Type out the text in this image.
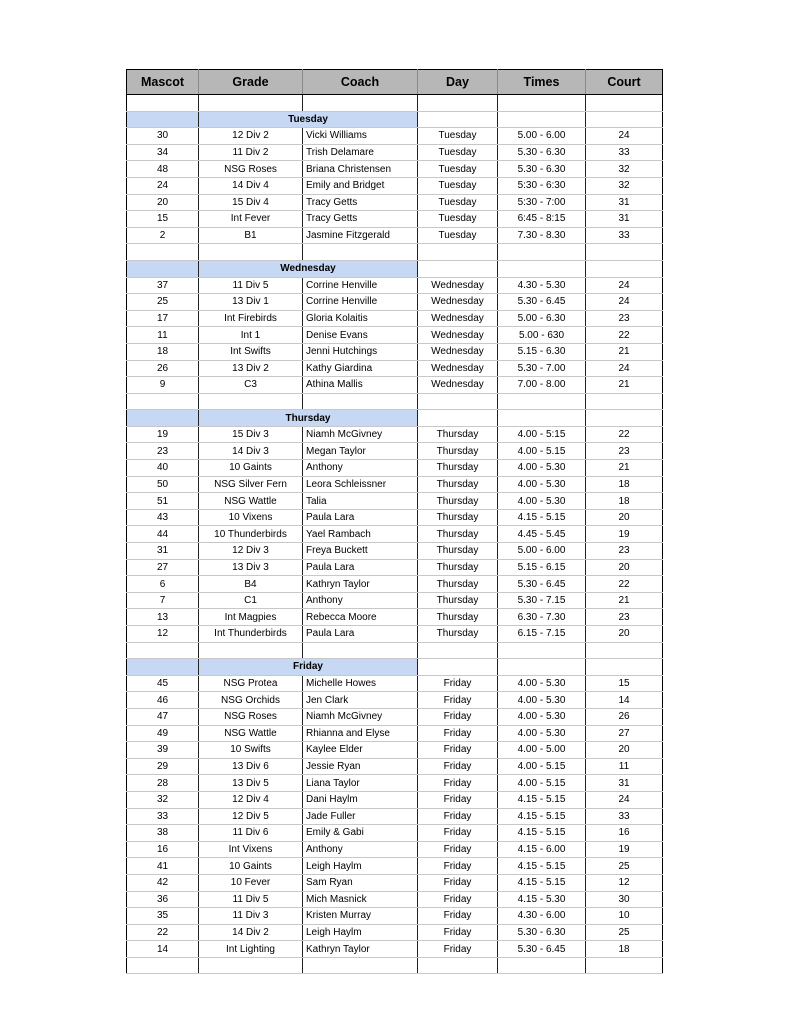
Mascot	Grade	Coach	Day	Times	Court

	Tuesday				
30	12 Div 2	Vicki Williams	Tuesday	5.00 - 6.00	24
34	11 Div 2	Trish Delamare	Tuesday	5.30 - 6.30	33
48	NSG Roses	Briana Christensen	Tuesday	5.30 - 6.30	32
24	14 Div 4	Emily and Bridget	Tuesday	5:30 - 6:30	32
20	15 Div 4	Tracy Getts	Tuesday	5:30 - 7:00	31
15	Int Fever	Tracy Getts	Tuesday	6:45 - 8:15	31
2	B1	Jasmine Fitzgerald	Tuesday	7.30 - 8.30	33

	Wednesday				
37	11 Div 5	Corrine Henville	Wednesday	4.30 - 5.30	24
25	13 Div 1	Corrine Henville	Wednesday	5.30 - 6.45	24
17	Int Firebirds	Gloria Kolaitis	Wednesday	5.00 - 6.30	23
11	Int 1	Denise Evans	Wednesday	5.00 - 630	22
18	Int Swifts	Jenni Hutchings	Wednesday	5.15 - 6.30	21
26	13 Div 2	Kathy Giardina	Wednesday	5.30 - 7.00	24
9	C3	Athina Mallis	Wednesday	7.00 - 8.00	21

	Thursday				
19	15 Div 3	Niamh McGivney	Thursday	4.00 - 5:15	22
23	14 Div 3	Megan Taylor	Thursday	4.00 - 5.15	23
40	10 Gaints	Anthony	Thursday	4.00 - 5.30	21
50	NSG Silver Fern	Leora Schleissner	Thursday	4.00 - 5.30	18
51	NSG Wattle	Talia	Thursday	4.00 - 5.30	18
43	10 Vixens	Paula Lara	Thursday	4.15 - 5.15	20
44	10 Thunderbirds	Yael Rambach	Thursday	4.45 - 5.45	19
31	12 Div 3	Freya Buckett	Thursday	5.00 - 6.00	23
27	13 Div 3	Paula Lara	Thursday	5.15 - 6.15	20
6	B4	Kathryn Taylor	Thursday	5.30 - 6.45	22
7	C1	Anthony	Thursday	5.30 - 7.15	21
13	Int Magpies	Rebecca Moore	Thursday	6.30 - 7.30	23
12	Int Thunderbirds	Paula Lara	Thursday	6.15 - 7.15	20

	Friday				
45	NSG Protea	Michelle Howes	Friday	4.00 - 5.30	15
46	NSG Orchids	Jen Clark	Friday	4.00 - 5.30	14
47	NSG Roses	Niamh McGivney	Friday	4.00 - 5.30	26
49	NSG Wattle	Rhianna and Elyse	Friday	4.00 - 5.30	27
39	10 Swifts	Kaylee Elder	Friday	4.00 - 5.00	20
29	13 Div 6	Jessie Ryan	Friday	4.00 - 5.15	11
28	13 Div 5	Liana Taylor	Friday	4.00 - 5.15	31
32	12 Div 4	Dani Haylm	Friday	4.15 - 5.15	24
33	12 Div 5	Jade Fuller	Friday	4.15 - 5.15	33
38	11 Div 6	Emily & Gabi	Friday	4.15 - 5.15	16
16	Int Vixens	Anthony	Friday	4.15 - 6.00	19
41	10 Gaints	Leigh Haylm	Friday	4.15 - 5.15	25
42	10 Fever	Sam Ryan	Friday	4.15 - 5.15	12
36	11 Div 5	Mich Masnick	Friday	4.15 - 5.30	30
35	11 Div 3	Kristen Murray	Friday	4.30 - 6.00	10
22	14 Div 2	Leigh Haylm	Friday	5.30 - 6.30	25
14	Int Lighting	Kathryn Taylor	Friday	5.30 - 6.45	18
